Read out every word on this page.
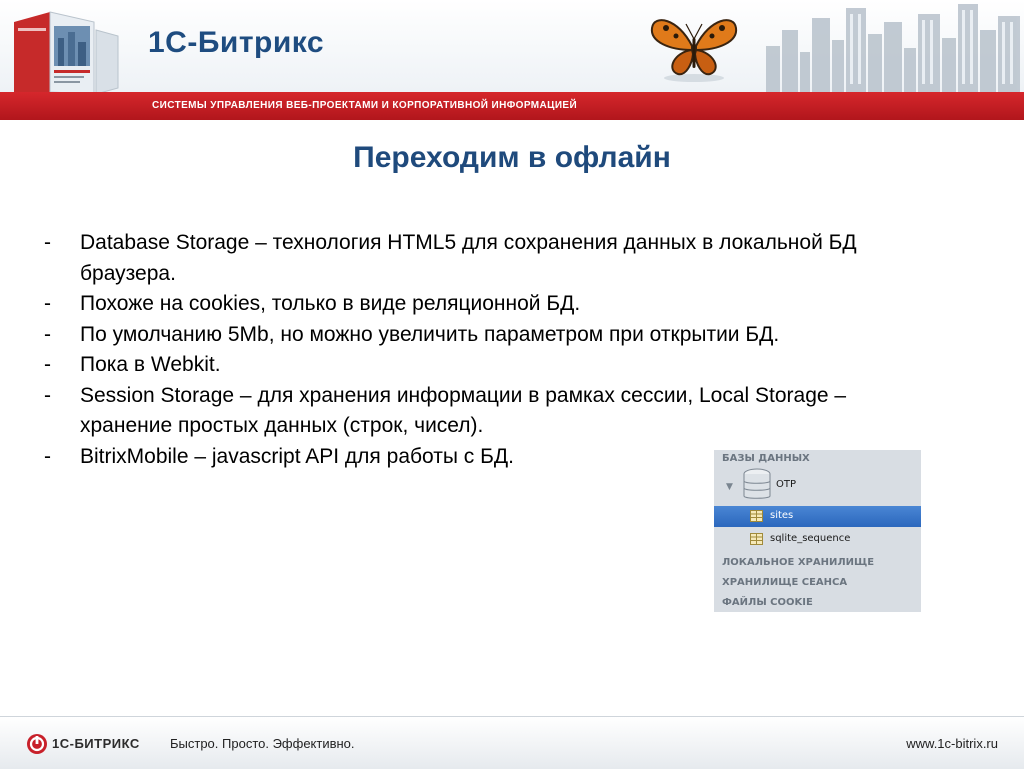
1С-Битрикс
СИСТЕМЫ УПРАВЛЕНИЯ ВЕБ-ПРОЕКТАМИ И КОРПОРАТИВНОЙ ИНФОРМАЦИЕЙ
Переходим в офлайн
- Database Storage – технология HTML5 для сохранения данных в локальной БД браузера.
- Похоже на cookies, только в виде реляционной БД.
- По умолчанию 5Mb, но можно увеличить параметром при открытии БД.
- Пока в Webkit.
- Session Storage – для хранения информации в рамках сессии, Local Storage – хранение простых данных (строк, чисел).
- BitrixMobile – javascript API для работы с БД.	БАЗЫ ДАННЫХ
▼	OTP
sites
sqlite_sequence
ЛОКАЛЬНОЕ ХРАНИЛИЩЕ
ХРАНИЛИЩЕ СЕАНСА
ФАЙЛЫ COOKIE
1С-БИТРИКС Быстро. Просто. Эффективно.	www.1c-bitrix.ru
